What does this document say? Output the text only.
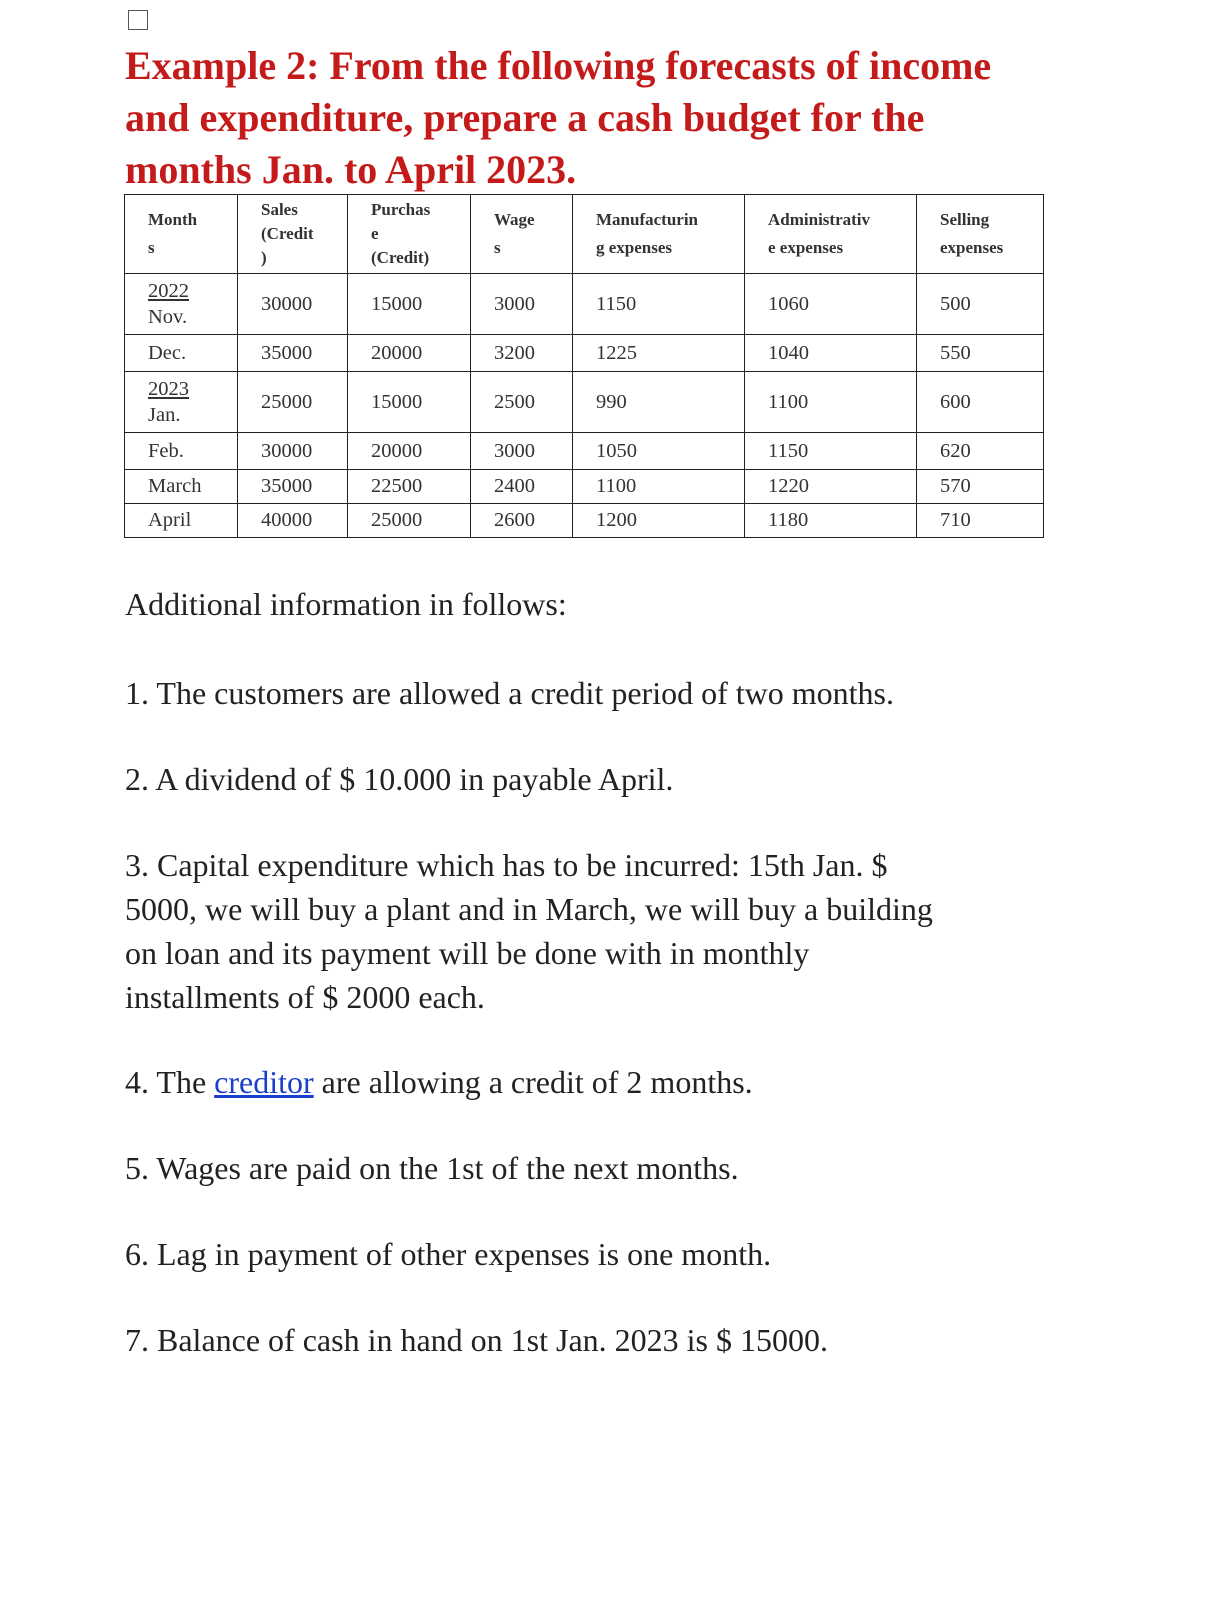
Example 2: From the following forecasts of income
and expenditure, prepare a cash budget for the
months Jan. to April 2023.
Month
s	Sales
(Credit
)	Purchas
e
(Credit)	Wage
s	Manufacturin
g expenses	Administrativ
e expenses	Selling
expenses

2022
Nov.	30000	15000	3000	1150	1060	500
Dec.	35000	20000	3200	1225	1040	550

2023
Jan.	25000	15000	2500	990	1100	600
Feb.	30000	20000	3000	1050	1150	620
March	35000	22500	2400	1100	1220	570
April	40000	25000	2600	1200	1180	710

Additional information in follows:

1. The customers are allowed a credit period of two months.

2. A dividend of $ 10.000 in payable April.

3. Capital expenditure which has to be incurred: 15th Jan. $
5000, we will buy a plant and in March, we will buy a building
on loan and its payment will be done with in monthly
installments of $ 2000 each.

4. The creditor are allowing a credit of 2 months.

5. Wages are paid on the 1st of the next months.

6. Lag in payment of other expenses is one month.

7. Balance of cash in hand on 1st Jan. 2023 is $ 15000.
